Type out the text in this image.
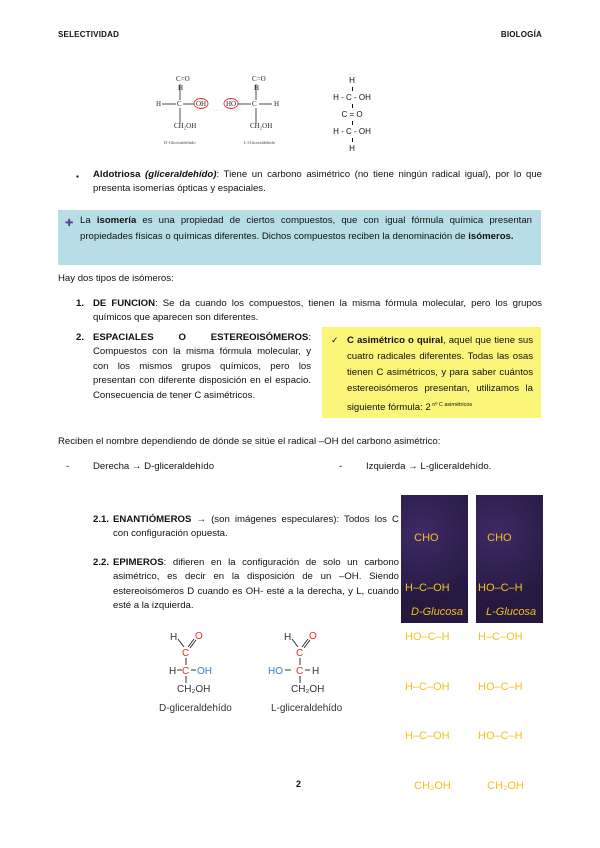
SELECTIVIDAD	BIOLOGÍA
C=O
H
H C OH
CH₂OH
C=O
H
HO C H
CH₂OH
D-Gliceraldehído	L-Gliceraldehído
H
H - C - OH
C = O
H - C - OH
H
▪ Aldotriosa (gliceraldehído): Tiene un carbono asimétrico (no tiene ningún radical igual), por lo que presenta isomerías ópticas y espaciales.
✚ La isomería es una propiedad de ciertos compuestos, que con igual fórmula química presentan propiedades físicas o químicas diferentes. Dichos compuestos reciben la denominación de isómeros.
Hay dos tipos de isómeros:
1. DE FUNCION: Se da cuando los compuestos, tienen la misma fórmula molecular, pero los grupos químicos que aparecen son diferentes.
2. ESPACIALES O ESTEREOISÓMEROS: Compuestos con la misma fórmula molecular, y con los mismos grupos químicos, pero los presentan con diferente disposición en el espacio. Consecuencia de tener C asimétricos.
✓ C asimétrico o quiral, aquel que tiene sus cuatro radicales diferentes. Todas las osas tienen C asimétricos, y para saber cuántos estereoisómeros presentan, utilizamos la siguiente fórmula: 2 $^{nº C asimétricos}$
Reciben el nombre dependiendo de dónde se sitúe el radical –OH del carbono asimétrico:
- Derecha → D-gliceraldehído	- Izquierda → L-gliceraldehído.
2.1. ENANTIÓMEROS → (son imágenes especulares): Todos los C con configuración opuesta.
2.2. EPIMEROS: difieren en la configuración de solo un carbono asimétrico, es decir en la disposición de un –OH. Siendo estereoisómeros D cuando es OH- esté a la derecha, y L, cuando esté a la izquierda.

CHO

H–C–OH

HO–C–H

H–C–OH

H–C–OH

CH₂OH

D-Glucosa

CHO

HO–C–H

H–C–OH

HO–C–H

HO–C–H

CH₂OH

L-Glucosa
H
C
O
H C OH
CH₂OH
H
C
O
HO C H
CH₂OH
D-gliceraldehído	L-gliceraldehído
2
